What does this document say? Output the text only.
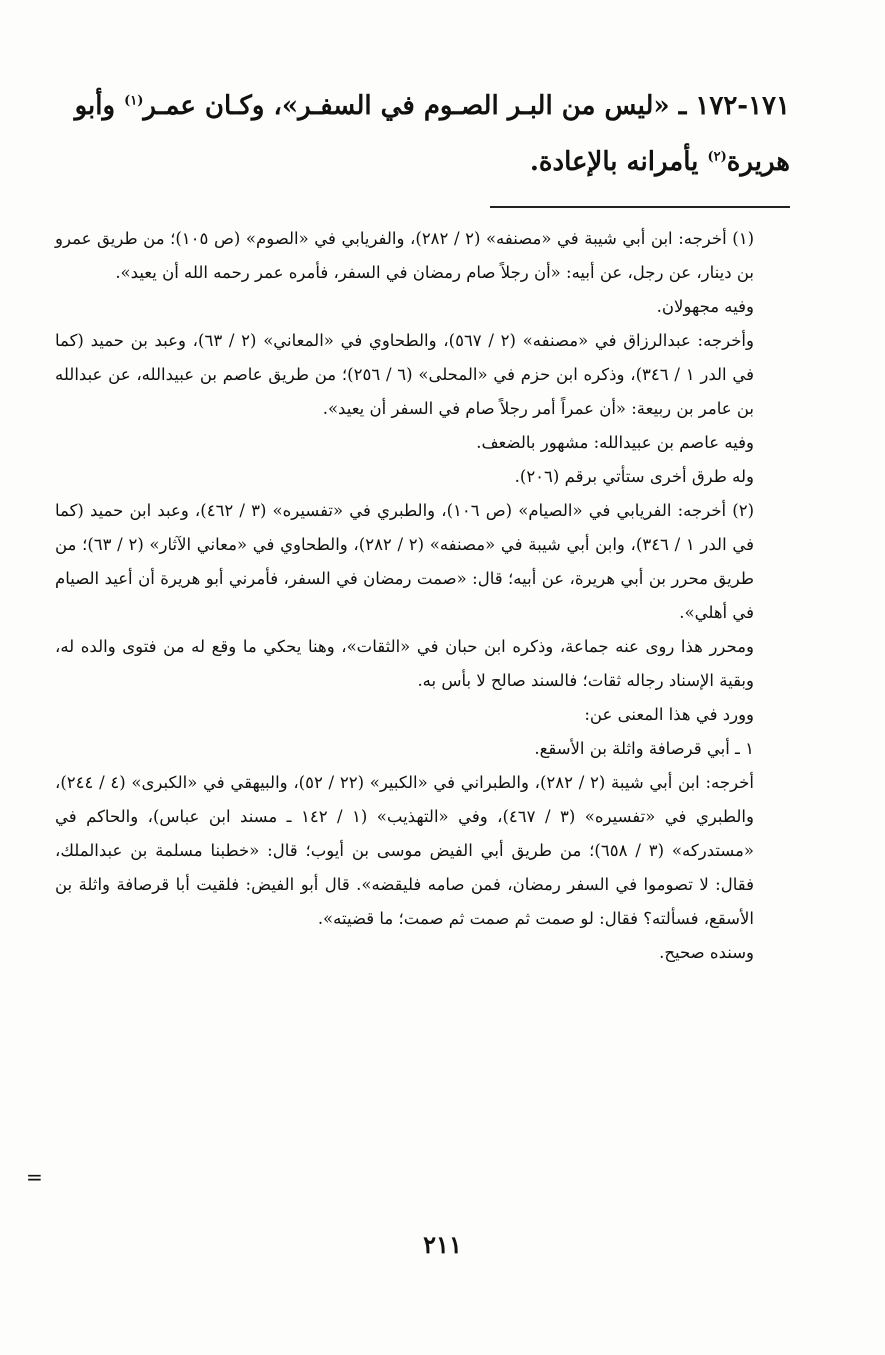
١٧١-١٧٢ ـ «ليس من البـر الصـوم في السفـر»، وكـان عمـر$^{(١)}$ وأبو
هريرة$^{(٢)}$ يأمرانه بالإعادة.

(١) أخرجه: ابن أبي شيبة في «مصنفه» (٢ / ٢٨٢)، والفريابي في «الصوم» (ص ١٠٥)؛ من طريق عمرو بن دينار، عن رجل، عن أبيه: «أن رجلاً صام رمضان في السفر، فأمره عمر رحمه الله أن يعيد».

وفيه مجهولان.

وأخرجه: عبدالرزاق في «مصنفه» (٢ / ٥٦٧)، والطحاوي في «المعاني» (٢ / ٦٣)، وعبد بن حميد (كما في الدر ١ / ٣٤٦)، وذكره ابن حزم في «المحلى» (٦ / ٢٥٦)؛ من طريق عاصم بن عبيدالله، عن عبدالله بن عامر بن ربيعة: «أن عمراً أمر رجلاً صام في السفر أن يعيد».

وفيه عاصم بن عبيدالله: مشهور بالضعف.

وله طرق أخرى ستأتي برقم (٢٠٦).

(٢) أخرجه: الفريابي في «الصيام» (ص ١٠٦)، والطبري في «تفسيره» (٣ / ٤٦٢)، وعبد ابن حميد (كما في الدر ١ / ٣٤٦)، وابن أبي شيبة في «مصنفه» (٢ / ٢٨٢)، والطحاوي في «معاني الآثار» (٢ / ٦٣)؛ من طريق محرر بن أبي هريرة، عن أبيه؛ قال: «صمت رمضان في السفر، فأمرني أبو هريرة أن أعيد الصيام في أهلي».

ومحرر هذا روى عنه جماعة، وذكره ابن حبان في «الثقات»، وهنا يحكي ما وقع له من فتوى والده له، وبقية الإسناد رجاله ثقات؛ فالسند صالح لا بأس به.

وورد في هذا المعنى عن:

١ ـ أبي قرصافة واثلة بن الأسقع.

أخرجه: ابن أبي شيبة (٢ / ٢٨٢)، والطبراني في «الكبير» (٢٢ / ٥٢)، والبيهقي في «الكبرى» (٤ / ٢٤٤)، والطبري في «تفسيره» (٣ / ٤٦٧)، وفي «التهذيب» (١ / ١٤٢ ـ مسند ابن عباس)، والحاكم في «مستدركه» (٣ / ٦٥٨)؛ من طريق أبي الفيض موسى بن أيوب؛ قال: «خطبنا مسلمة بن عبدالملك، فقال: لا تصوموا في السفر رمضان، فمن صامه فليقضه». قال أبو الفيض: فلقيت أبا قرصافة واثلة بن الأسقع، فسألته؟ فقال: لو صمت ثم صمت ثم صمت؛ ما قضيته».

وسنده صحيح.

=
٢١١
